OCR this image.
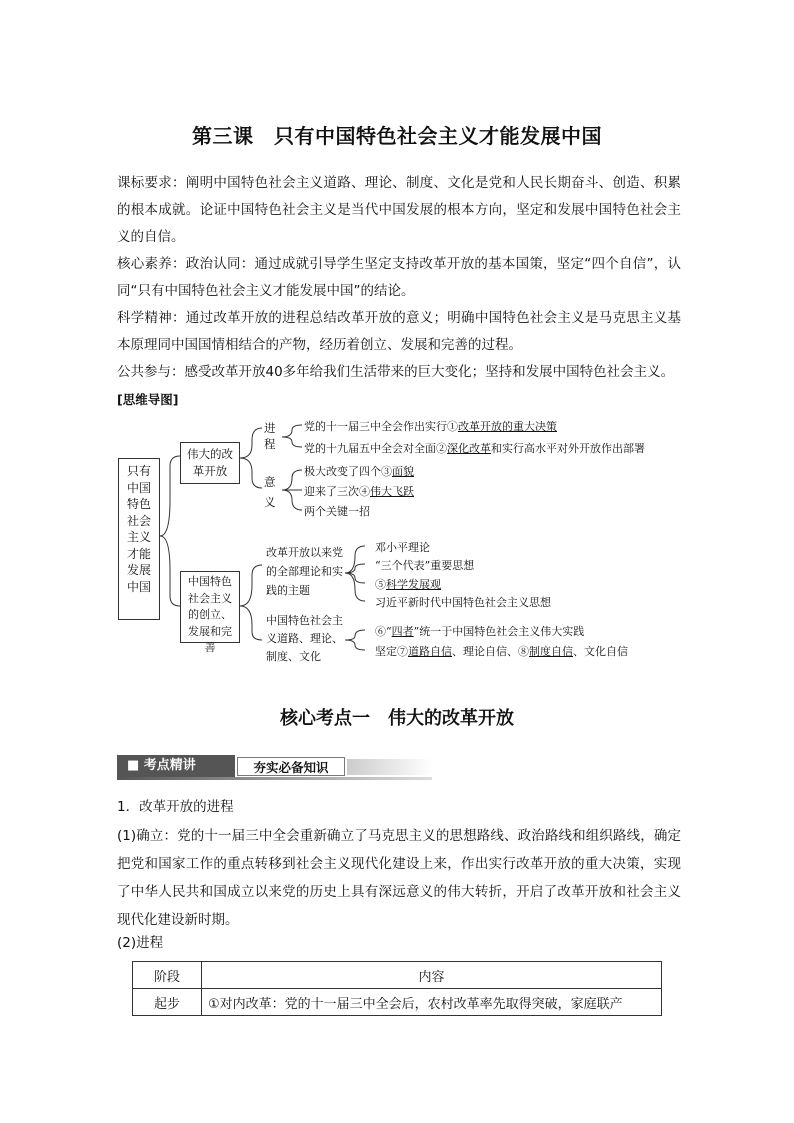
第三课　只有中国特色社会主义才能发展中国
课标要求：阐明中国特色社会主义道路、理论、制度、文化是党和人民长期奋斗、创造、积累的根本成就。论证中国特色社会主义是当代中国发展的根本方向，坚定和发展中国特色社会主义的自信。
核心素养：政治认同：通过成就引导学生坚定支持改革开放的基本国策，坚定“四个自信”，认同“只有中国特色社会主义才能发展中国”的结论。
科学精神：通过改革开放的进程总结改革开放的意义；明确中国特色社会主义是马克思主义基本原理同中国国情相结合的产物，经历着创立、发展和完善的过程。
公共参与：感受改革开放40多年给我们生活带来的巨大变化；坚持和发展中国特色社会主义。
[思维导图]
只有中国特色社会主义才能发展中国
伟大的改革开放
中国特色社会主义的创立、发展和完善
进程
意义
党的十一届三中全会作出实行①改革开放的重大决策
党的十九届五中全会对全面②深化改革和实行高水平对外开放作出部署
极大改变了四个③面貌
迎来了三次④伟大飞跃
两个关键一招
改革开放以来党的全部理论和实践的主题
邓小平理论
“三个代表”重要思想
⑤科学发展观
习近平新时代中国特色社会主义思想
中国特色社会主义道路、理论、制度、文化
⑥“四者”统一于中国特色社会主义伟大实践
坚定⑦道路自信、理论自信、⑧制度自信、文化自信
核心考点一　伟大的改革开放
■ 考点精讲	夯实必备知识
1．改革开放的进程
(1)确立：党的十一届三中全会重新确立了马克思主义的思想路线、政治路线和组织路线，确定把党和国家工作的重点转移到社会主义现代化建设上来，作出实行改革开放的重大决策，实现了中华人民共和国成立以来党的历史上具有深远意义的伟大转折，开启了改革开放和社会主义现代化建设新时期。
(2)进程
阶段	内容
起步	①对内改革：党的十一届三中全会后，农村改革率先取得突破，家庭联产
